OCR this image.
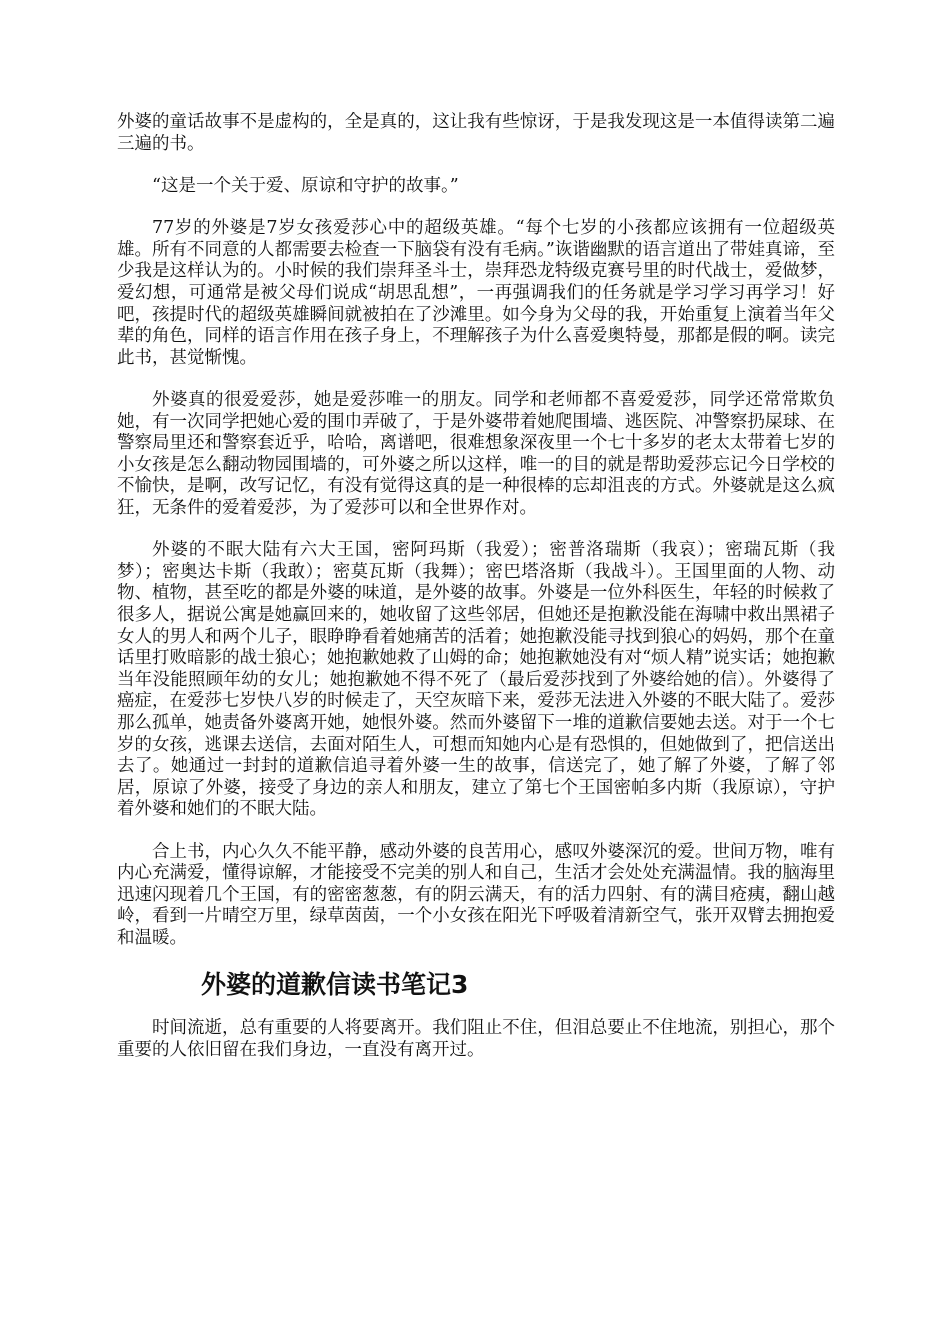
外婆的童话故事不是虚构的，全是真的，这让我有些惊讶，于是我发现这是一本值得读第二遍三遍的书。

“这是一个关于爱、原谅和守护的故事。”

77岁的外婆是7岁女孩爱莎心中的超级英雄。“每个七岁的小孩都应该拥有一位超级英雄。所有不同意的人都需要去检查一下脑袋有没有毛病。”诙谐幽默的语言道出了带娃真谛，至少我是这样认为的。小时候的我们崇拜圣斗士，崇拜恐龙特级克赛号里的时代战士，爱做梦，爱幻想，可通常是被父母们说成“胡思乱想”，一再强调我们的任务就是学习学习再学习！好吧，孩提时代的超级英雄瞬间就被拍在了沙滩里。如今身为父母的我，开始重复上演着当年父辈的角色，同样的语言作用在孩子身上，不理解孩子为什么喜爱奥特曼，那都是假的啊。读完此书，甚觉惭愧。

外婆真的很爱爱莎，她是爱莎唯一的朋友。同学和老师都不喜爱爱莎，同学还常常欺负她，有一次同学把她心爱的围巾弄破了，于是外婆带着她爬围墙、逃医院、冲警察扔屎球、在警察局里还和警察套近乎，哈哈，离谱吧，很难想象深夜里一个七十多岁的老太太带着七岁的小女孩是怎么翻动物园围墙的，可外婆之所以这样，唯一的目的就是帮助爱莎忘记今日学校的不愉快，是啊，改写记忆，有没有觉得这真的是一种很棒的忘却沮丧的方式。外婆就是这么疯狂，无条件的爱着爱莎，为了爱莎可以和全世界作对。

外婆的不眠大陆有六大王国，密阿玛斯（我爱）；密普洛瑞斯（我哀）；密瑞瓦斯（我梦）；密奥达卡斯（我敢）；密莫瓦斯（我舞）；密巴塔洛斯（我战斗）。王国里面的人物、动物、植物，甚至吃的都是外婆的味道，是外婆的故事。外婆是一位外科医生，年轻的时候救了很多人，据说公寓是她赢回来的，她收留了这些邻居，但她还是抱歉没能在海啸中救出黑裙子女人的男人和两个儿子，眼睁睁看着她痛苦的活着；她抱歉没能寻找到狼心的妈妈，那个在童话里打败暗影的战士狼心；她抱歉她救了山姆的命；她抱歉她没有对“烦人精”说实话；她抱歉当年没能照顾年幼的女儿；她抱歉她不得不死了（最后爱莎找到了外婆给她的信）。外婆得了癌症，在爱莎七岁快八岁的时候走了，天空灰暗下来，爱莎无法进入外婆的不眠大陆了。爱莎那么孤单，她责备外婆离开她，她恨外婆。然而外婆留下一堆的道歉信要她去送。对于一个七岁的女孩，逃课去送信，去面对陌生人，可想而知她内心是有恐惧的，但她做到了，把信送出去了。她通过一封封的道歉信追寻着外婆一生的故事，信送完了，她了解了外婆，了解了邻居，原谅了外婆，接受了身边的亲人和朋友，建立了第七个王国密帕多内斯（我原谅），守护着外婆和她们的不眠大陆。

合上书，内心久久不能平静，感动外婆的良苦用心，感叹外婆深沉的爱。世间万物，唯有内心充满爱，懂得谅解，才能接受不完美的别人和自己，生活才会处处充满温情。我的脑海里迅速闪现着几个王国，有的密密葱葱，有的阴云满天，有的活力四射、有的满目疮痍，翻山越岭，看到一片晴空万里，绿草茵茵，一个小女孩在阳光下呼吸着清新空气，张开双臂去拥抱爱和温暖。

外婆的道歉信读书笔记3

时间流逝，总有重要的人将要离开。我们阻止不住，但泪总要止不住地流，别担心，那个重要的人依旧留在我们身边，一直没有离开过。
